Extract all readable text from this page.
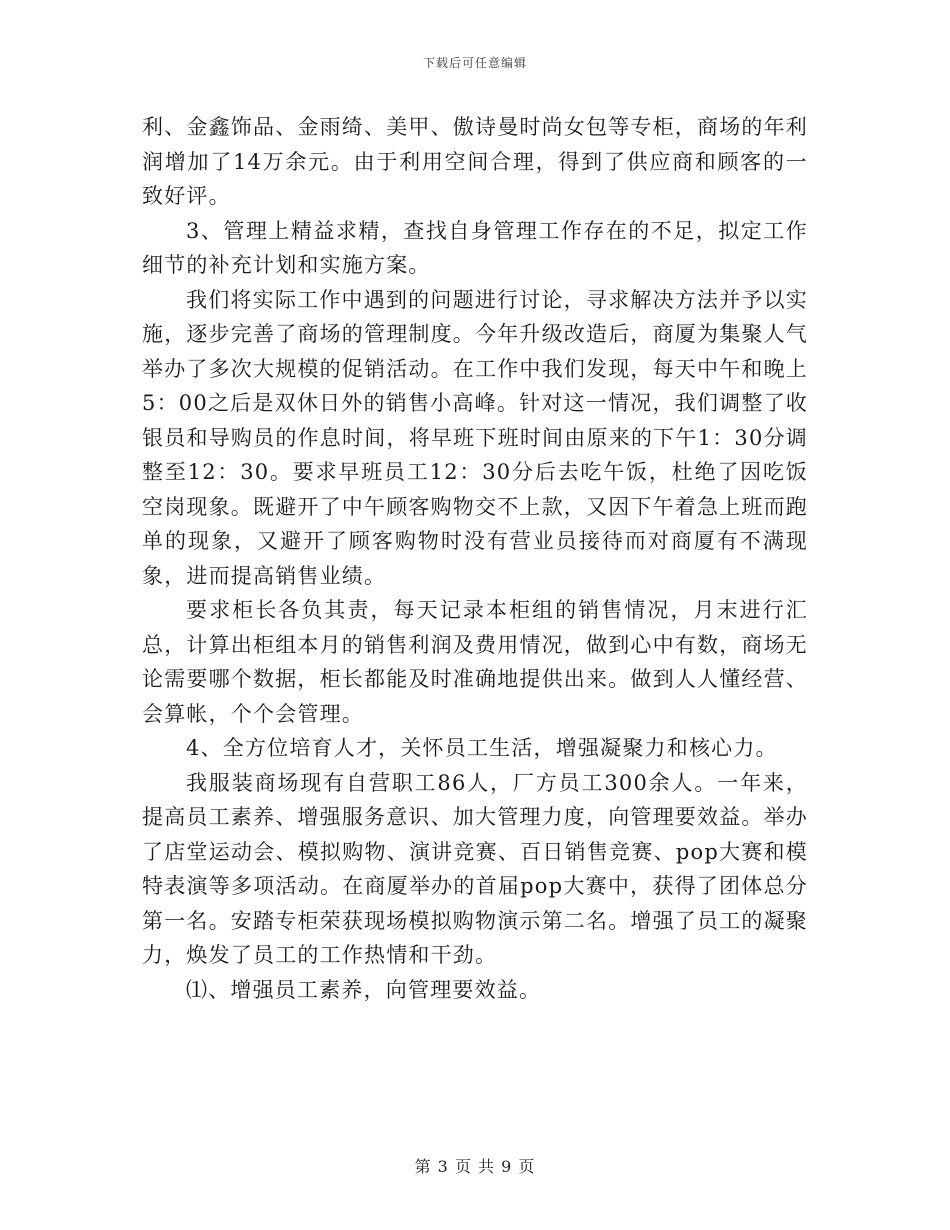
下载后可任意编辑

利、金鑫饰品、金雨绮、美甲、傲诗曼时尚女包等专柜，商场的年利润增加了14万余元。由于利用空间合理，得到了供应商和顾客的一致好评。

3、管理上精益求精，查找自身管理工作存在的不足，拟定工作细节的补充计划和实施方案。

我们将实际工作中遇到的问题进行讨论，寻求解决方法并予以实施，逐步完善了商场的管理制度。今年升级改造后，商厦为集聚人气举办了多次大规模的促销活动。在工作中我们发现，每天中午和晚上5：00之后是双休日外的销售小高峰。针对这一情况，我们调整了收银员和导购员的作息时间，将早班下班时间由原来的下午1：30分调整至12：30。要求早班员工12：30分后去吃午饭，杜绝了因吃饭空岗现象。既避开了中午顾客购物交不上款，又因下午着急上班而跑单的现象，又避开了顾客购物时没有营业员接待而对商厦有不满现象，进而提高销售业绩。

要求柜长各负其责，每天记录本柜组的销售情况，月末进行汇总，计算出柜组本月的销售利润及费用情况，做到心中有数，商场无论需要哪个数据，柜长都能及时准确地提供出来。做到人人懂经营、会算帐，个个会管理。

4、全方位培育人才，关怀员工生活，增强凝聚力和核心力。

我服装商场现有自营职工86人，厂方员工300余人。一年来，提高员工素养、增强服务意识、加大管理力度，向管理要效益。举办了店堂运动会、模拟购物、演讲竞赛、百日销售竞赛、pop大赛和模特表演等多项活动。在商厦举办的首届pop大赛中，获得了团体总分第一名。安踏专柜荣获现场模拟购物演示第二名。增强了员工的凝聚力，焕发了员工的工作热情和干劲。

⑴、增强员工素养，向管理要效益。

第 3 页 共 9 页
